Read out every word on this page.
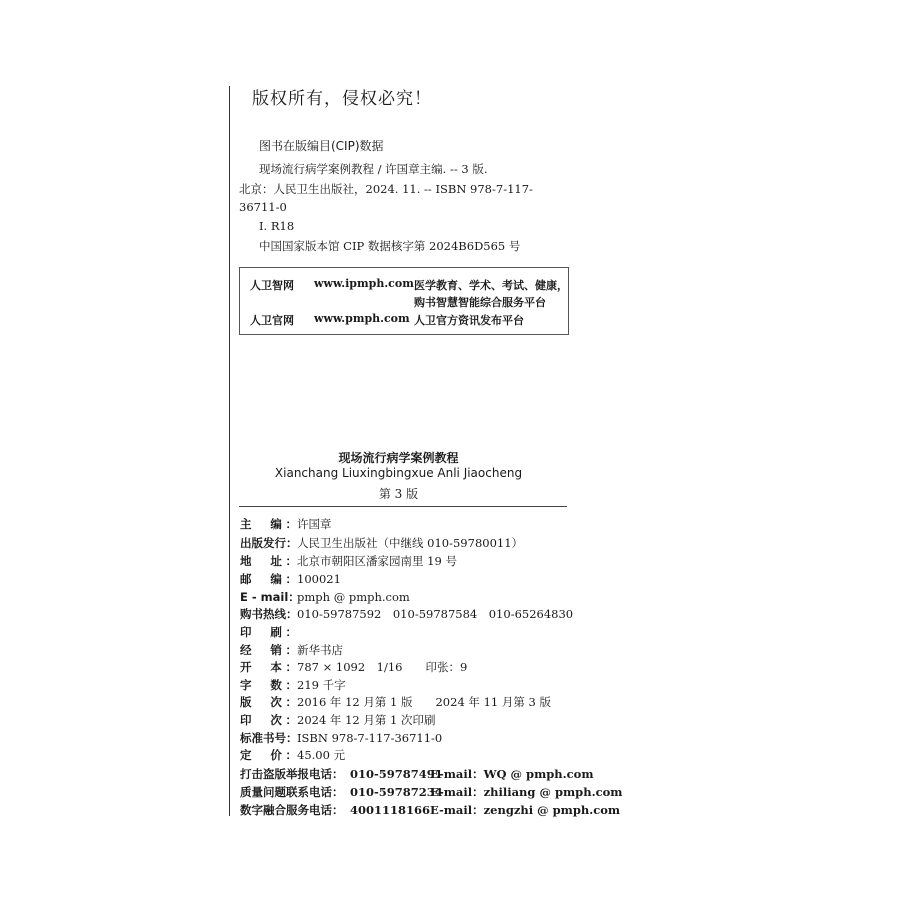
版权所有，侵权必究！
图书在版编目(CIP)数据
现场流行病学案例教程 / 许国章主编. -- 3 版.
北京：人民卫生出版社，2024. 11. -- ISBN 978-7-117-
36711-0
Ⅰ. R18
中国国家版本馆 CIP 数据核字第 2024B6D565 号
人卫智网 www.ipmph.com 医学教育、学术、考试、健康，
购书智慧智能综合服务平台
人卫官网 www.pmph.com 人卫官方资讯发布平台
现场流行病学案例教程
Xianchang Liuxingbingxue Anli Jiaocheng
第 3 版
主　编：许国章
出版发行：人民卫生出版社（中继线 010-59780011）
地　址：北京市朝阳区潘家园南里 19 号
邮　编：100021
E - mail：pmph @ pmph.com
购书热线：010-59787592　010-59787584　010-65264830
印　刷：
经　销：新华书店
开　本：787 × 1092　1/16　　印张：9
字　数：219 千字
版　次：2016 年 12 月第 1 版　　2024 年 11 月第 3 版
印　次：2024 年 12 月第 1 次印刷
标准书号：ISBN 978-7-117-36711-0
定　价：45.00 元
打击盗版举报电话： 010-59787491E-mail：WQ @ pmph.com
质量问题联系电话： 010-59787234E-mail：zhiliang @ pmph.com
数字融合服务电话： 4001118166E-mail：zengzhi @ pmph.com
